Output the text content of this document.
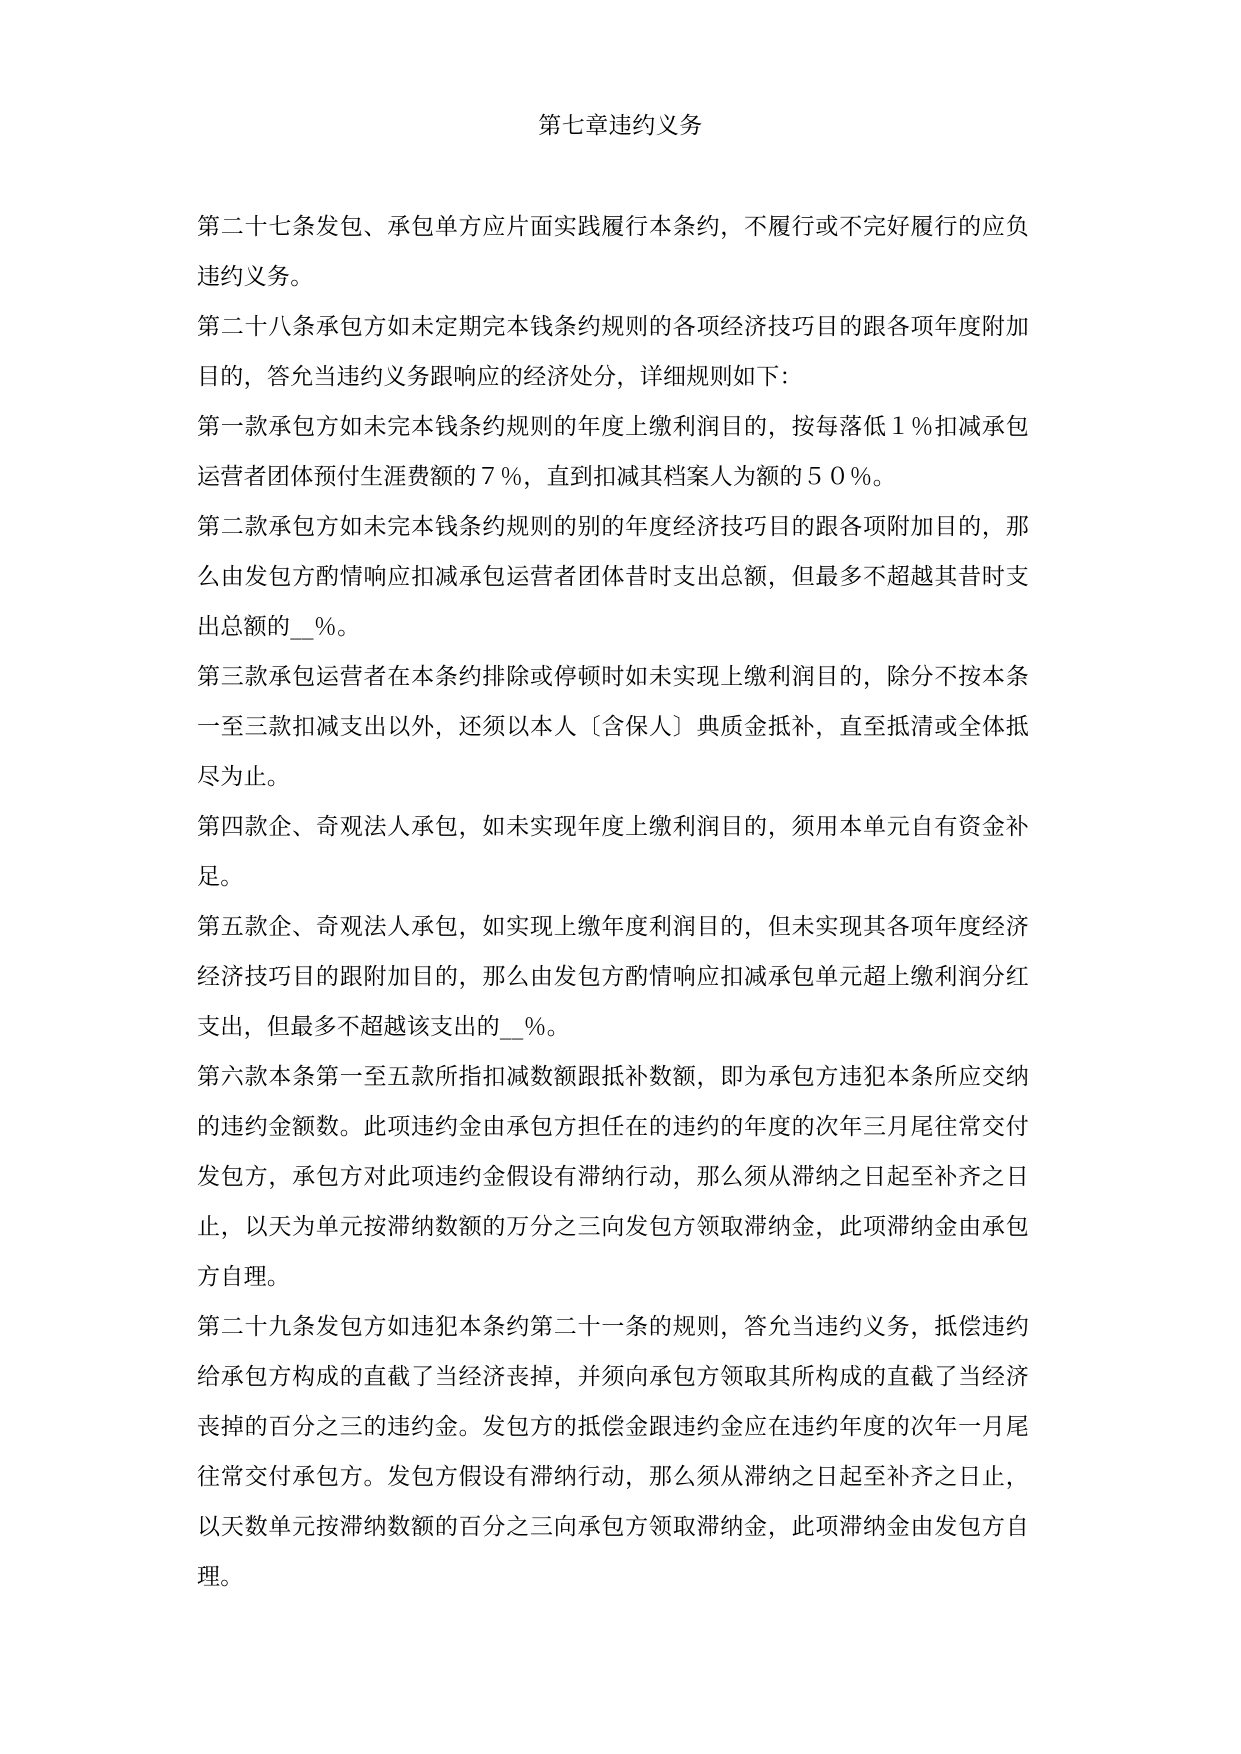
第七章违约义务

第二十七条发包、承包单方应片面实践履行本条约，不履行或不完好履行的应负违约义务。

第二十八条承包方如未定期完本钱条约规则的各项经济技巧目的跟各项年度附加目的，答允当违约义务跟响应的经济处分，详细规则如下：

第一款承包方如未完本钱条约规则的年度上缴利润目的，按每落低１％扣减承包运营者团体预付生涯费额的７％，直到扣减其档案人为额的５０％。

第二款承包方如未完本钱条约规则的别的年度经济技巧目的跟各项附加目的，那么由发包方酌情响应扣减承包运营者团体昔时支出总额，但最多不超越其昔时支出总额的__％。

第三款承包运营者在本条约排除或停顿时如未实现上缴利润目的，除分不按本条一至三款扣减支出以外，还须以本人〔含保人〕典质金抵补，直至抵清或全体抵尽为止。

第四款企、奇观法人承包，如未实现年度上缴利润目的，须用本单元自有资金补足。

第五款企、奇观法人承包，如实现上缴年度利润目的，但未实现其各项年度经济经济技巧目的跟附加目的，那么由发包方酌情响应扣减承包单元超上缴利润分红支出，但最多不超越该支出的__％。

第六款本条第一至五款所指扣减数额跟抵补数额，即为承包方违犯本条所应交纳的违约金额数。此项违约金由承包方担任在的违约的年度的次年三月尾往常交付发包方，承包方对此项违约金假设有滞纳行动，那么须从滞纳之日起至补齐之日止，以天为单元按滞纳数额的万分之三向发包方领取滞纳金，此项滞纳金由承包方自理。

第二十九条发包方如违犯本条约第二十一条的规则，答允当违约义务，抵偿违约给承包方构成的直截了当经济丧掉，并须向承包方领取其所构成的直截了当经济丧掉的百分之三的违约金。发包方的抵偿金跟违约金应在违约年度的次年一月尾往常交付承包方。发包方假设有滞纳行动，那么须从滞纳之日起至补齐之日止，以天数单元按滞纳数额的百分之三向承包方领取滞纳金，此项滞纳金由发包方自理。
